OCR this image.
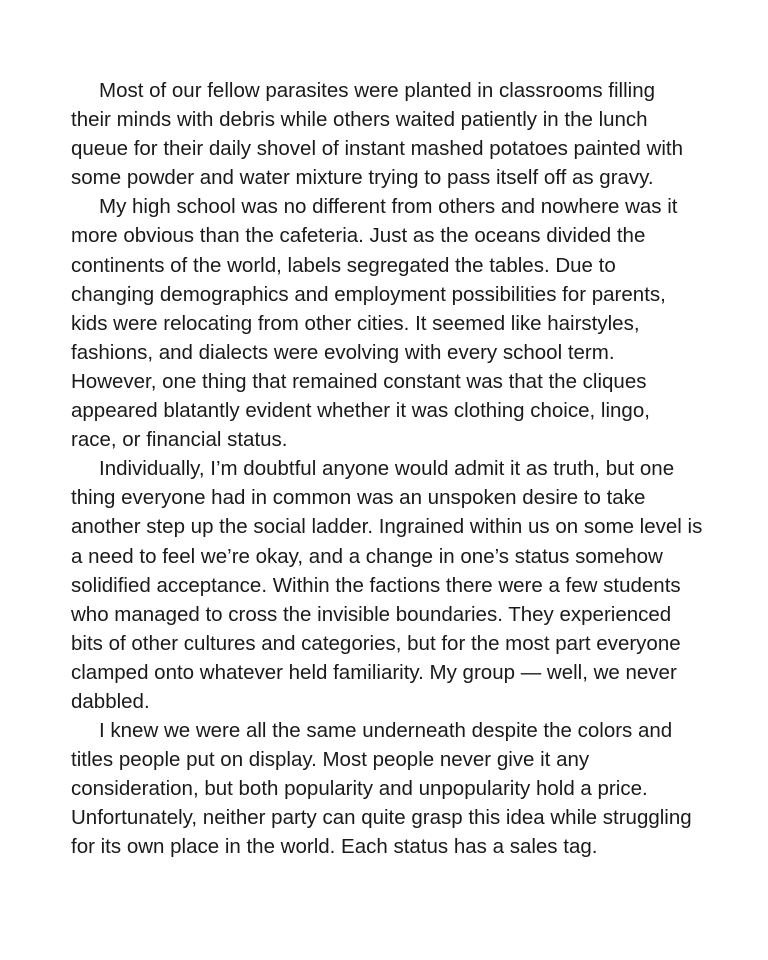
Most of our fellow parasites were planted in classrooms filling
their minds with debris while others waited patiently in the lunch
queue for their daily shovel of instant mashed potatoes painted with
some powder and water mixture trying to pass itself off as gravy.

My high school was no different from others and nowhere was it
more obvious than the cafeteria. Just as the oceans divided the
continents of the world, labels segregated the tables. Due to
changing demographics and employment possibilities for parents,
kids were relocating from other cities. It seemed like hairstyles,
fashions, and dialects were evolving with every school term.
However, one thing that remained constant was that the cliques
appeared blatantly evident whether it was clothing choice, lingo,
race, or financial status.

Individually, I’m doubtful anyone would admit it as truth, but one
thing everyone had in common was an unspoken desire to take
another step up the social ladder. Ingrained within us on some level is
a need to feel we’re okay, and a change in one’s status somehow
solidified acceptance. Within the factions there were a few students
who managed to cross the invisible boundaries. They experienced
bits of other cultures and categories, but for the most part everyone
clamped onto whatever held familiarity. My group — well, we never
dabbled.

I knew we were all the same underneath despite the colors and
titles people put on display. Most people never give it any
consideration, but both popularity and unpopularity hold a price.
Unfortunately, neither party can quite grasp this idea while struggling
for its own place in the world. Each status has a sales tag.
